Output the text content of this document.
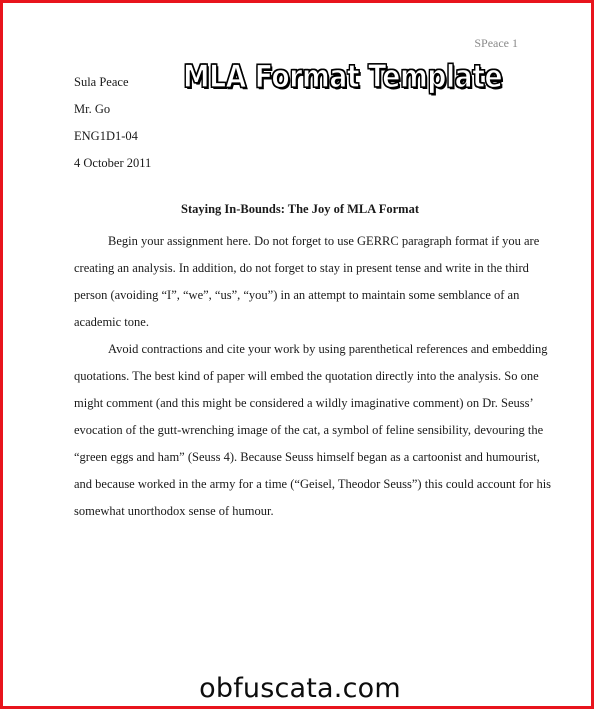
SPeace 1
Sula Peace
Mr. Go
ENG1D1-04
4 October 2011
MLA Format Template
Staying In-Bounds: The Joy of MLA Format
Begin your assignment here. Do not forget to use GERRC paragraph format if you are
creating an analysis. In addition, do not forget to stay in present tense and write in the third
person (avoiding “I”, “we”, “us”, “you”) in an attempt to maintain some semblance of an
academic tone.
Avoid contractions and cite your work by using parenthetical references and embedding
quotations. The best kind of paper will embed the quotation directly into the analysis. So one
might comment (and this might be considered a wildly imaginative comment) on Dr. Seuss’
evocation of the gutt-wrenching image of the cat, a symbol of feline sensibility, devouring the
“green eggs and ham” (Seuss 4). Because Seuss himself began as a cartoonist and humourist,
and because worked in the army for a time (“Geisel, Theodor Seuss”) this could account for his
somewhat unorthodox sense of humour.
obfuscata.com
